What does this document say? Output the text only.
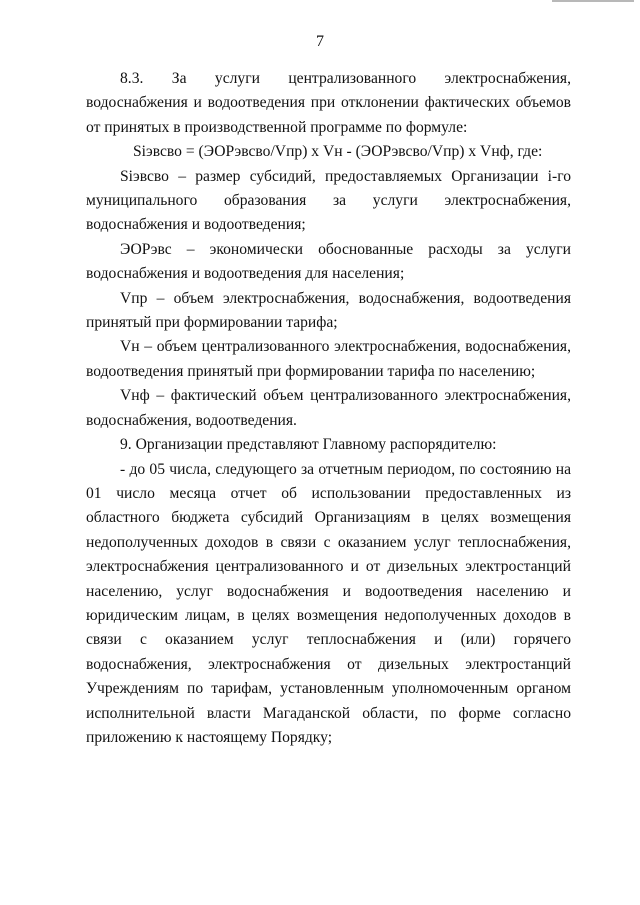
7

8.3. За услуги централизованного электроснабжения, водоснабжения и водоотведения при отклонении фактических объемов от принятых в производственной программе по формуле:

Siэвсво = (ЭОРэвсво/Vпр) х Vн - (ЭОРэвсво/Vпр) х Vнф, где:

Siэвсво – размер субсидий, предоставляемых Организации i-го муниципального образования за услуги электроснабжения, водоснабжения и водоотведения;

ЭОРэвс – экономически обоснованные расходы за услуги водоснабжения и водоотведения для населения;

Vпр – объем электроснабжения, водоснабжения, водоотведения принятый при формировании тарифа;

Vн – объем централизованного электроснабжения, водоснабжения, водоотведения принятый при формировании тарифа по населению;

Vнф – фактический объем централизованного электроснабжения, водоснабжения, водоотведения.

9. Организации представляют Главному распорядителю:

- до 05 числа, следующего за отчетным периодом, по состоянию на 01 число месяца отчет об использовании предоставленных из областного бюджета субсидий Организациям в целях возмещения недополученных доходов в связи с оказанием услуг теплоснабжения, электроснабжения централизованного и от дизельных электростанций населению, услуг водоснабжения и водоотведения населению и юридическим лицам, в целях возмещения недополученных доходов в связи с оказанием услуг теплоснабжения и (или) горячего водоснабжения, электроснабжения от дизельных электростанций Учреждениям по тарифам, установленным уполномоченным органом исполнительной власти Магаданской области, по форме согласно приложению к настоящему Порядку;
